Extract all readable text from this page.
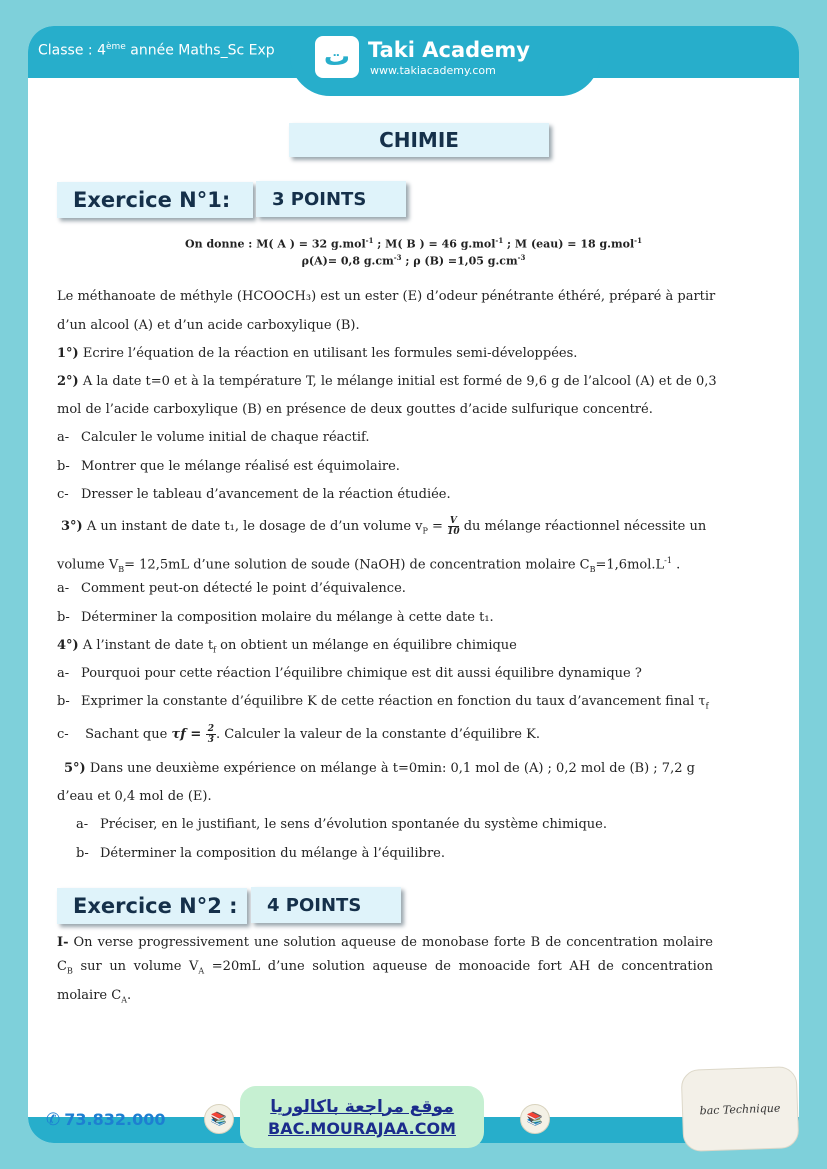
Classe : 4ème année Maths_Sc Exp ت Taki Academy
www.takiacademy.com
CHIMIE
Exercice N°1:	3 POINTS
On donne : M( A ) = 32 g.mol$^{-1}$ ; M( B ) = 46 g.mol$^{-1}$ ; M (eau) = 18 g.mol$^{-1}$
ρ(A)= 0,8 $g.cm^{-3}$ ; ρ (B) =1,05 $g.cm^{-3}$
Le méthanoate de méthyle (HCOOCH₃) est un ester (E) d’odeur pénétrante éthéré, préparé à partir
d’un alcool (A) et d’un acide carboxylique (B).
1°) Ecrire l’équation de la réaction en utilisant les formules semi-développées.
2°) A la date t=0 et à la température T, le mélange initial est formé de 9,6 g de l’alcool (A) et de 0,3
mol de l’acide carboxylique (B) en présence de deux gouttes d’acide sulfurique concentré.
a- Calculer le volume initial de chaque réactif.
b- Montrer que le mélange réalisé est équimolaire.
c- Dresser le tableau d’avancement de la réaction étudiée.
3°) A un instant de date t₁, le dosage de d’un volume $v_P = \frac{V}{10}$ du mélange réactionnel nécessite un
volume $V_B= 12,5mL$ d’une solution de soude (NaOH) de concentration molaire $C_B=1,6mol.L^{-1}$ .
a- Comment peut-on détecté le point d’équivalence.
b- Déterminer la composition molaire du mélange à cette date t₁.
4°) A l’instant de date $t_f$ on obtient un mélange en équilibre chimique
a- Pourquoi pour cette réaction l’équilibre chimique est dit aussi équilibre dynamique ?
b- Exprimer la constante d’équilibre K de cette réaction en fonction du taux d’avancement final $\tau_f$
c- Sachant que $\tau f = \frac{2}{3}$ . Calculer la valeur de la constante d’équilibre K.
5°) Dans une deuxième expérience on mélange à t=0min: 0,1 mol de (A) ; 0,2 mol de (B) ; 7,2 g
d’eau et 0,4 mol de (E).
a- Préciser, en le justifiant, le sens d’évolution spontanée du système chimique.
b- Déterminer la composition du mélange à l’équilibre.
Exercice N°2 :	4 POINTS
I- On verse progressivement une solution aqueuse de monobase forte B de concentration molaire $C_B$ sur un volume $V_A =20mL$ d’une solution aqueuse de monoacide fort AH de concentration molaire $C_A$.
✆ 73.832.000	📚
موقع مراجعة باكالوريا
BAC.MOURAJAA.COM	📚
bac Technique
